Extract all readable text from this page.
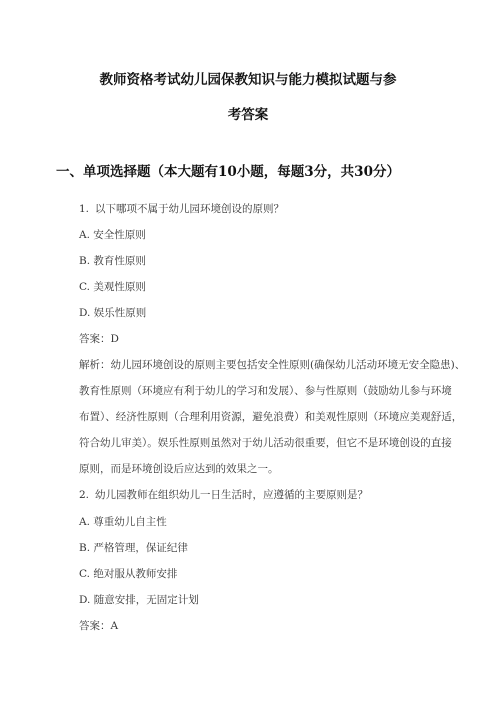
教师资格考试幼儿园保教知识与能力模拟试题与参
考答案
一、单项选择题（本大题有10小题，每题3分，共30分）
1. 以下哪项不属于幼儿园环境创设的原则？
A. 安全性原则
B. 教育性原则
C. 美观性原则
D. 娱乐性原则
答案：D
解析：幼儿园环境创设的原则主要包括安全性原则(确保幼儿活动环境无安全隐患)、
教育性原则（环境应有利于幼儿的学习和发展）、参与性原则（鼓励幼儿参与环境
布置）、经济性原则（合理利用资源，避免浪费）和美观性原则（环境应美观舒适，
符合幼儿审美）。娱乐性原则虽然对于幼儿活动很重要，但它不是环境创设的直接
原则，而是环境创设后应达到的效果之一。
2. 幼儿园教师在组织幼儿一日生活时，应遵循的主要原则是？
A. 尊重幼儿自主性
B. 严格管理，保证纪律
C. 绝对服从教师安排
D. 随意安排，无固定计划
答案：A
